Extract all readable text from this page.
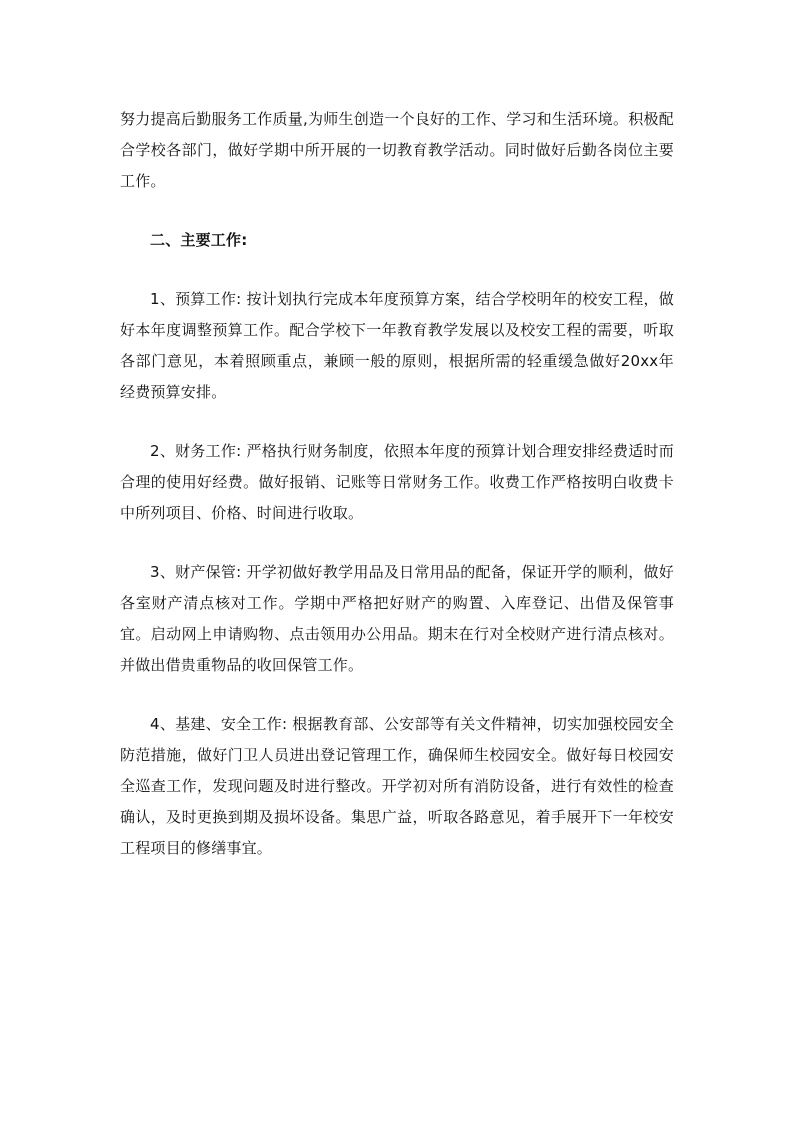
努力提高后勤服务工作质量,为师生创造一个良好的工作、学习和生活环境。积极配合学校各部门，做好学期中所开展的一切教育教学活动。同时做好后勤各岗位主要工作。

二、主要工作:

1、预算工作: 按计划执行完成本年度预算方案，结合学校明年的校安工程，做好本年度调整预算工作。配合学校下一年教育教学发展以及校安工程的需要，听取各部门意见，本着照顾重点，兼顾一般的原则，根据所需的轻重缓急做好20xx年经费预算安排。

2、财务工作: 严格执行财务制度，依照本年度的预算计划合理安排经费适时而合理的使用好经费。做好报销、记账等日常财务工作。收费工作严格按明白收费卡中所列项目、价格、时间进行收取。

3、财产保管: 开学初做好教学用品及日常用品的配备，保证开学的顺利，做好各室财产清点核对工作。学期中严格把好财产的购置、入库登记、出借及保管事宜。启动网上申请购物、点击领用办公用品。期末在行对全校财产进行清点核对。并做出借贵重物品的收回保管工作。

4、基建、安全工作: 根据教育部、公安部等有关文件精神，切实加强校园安全防范措施，做好门卫人员进出登记管理工作，确保师生校园安全。做好每日校园安全巡查工作，发现问题及时进行整改。开学初对所有消防设备，进行有效性的检查确认，及时更换到期及损坏设备。集思广益，听取各路意见，着手展开下一年校安工程项目的修缮事宜。
